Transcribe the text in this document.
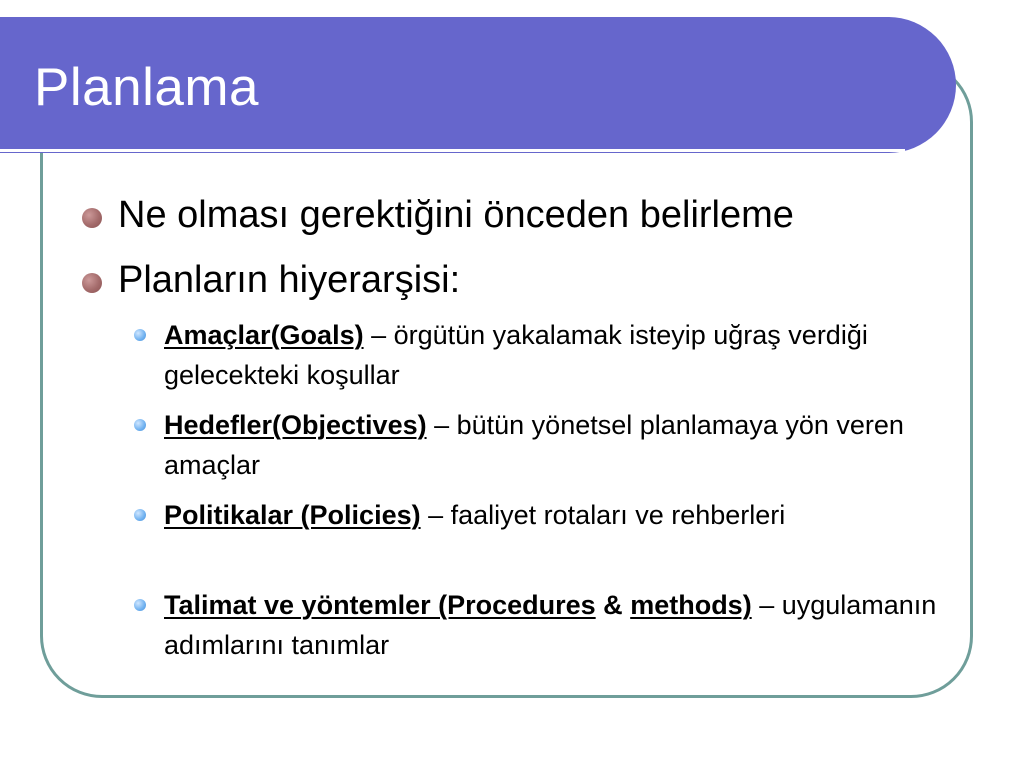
Planlama
Ne olması gerektiğini önceden belirleme
Planların hiyerarşisi:
Amaçlar(Goals) – örgütün yakalamak isteyip uğraş verdiği gelecekteki koşullar
Hedefler(Objectives) – bütün yönetsel planlamaya yön veren amaçlar
Politikalar (Policies) – faaliyet rotaları ve rehberleri
Talimat ve yöntemler (Procedures & methods) – uygulamanın adımlarını tanımlar
